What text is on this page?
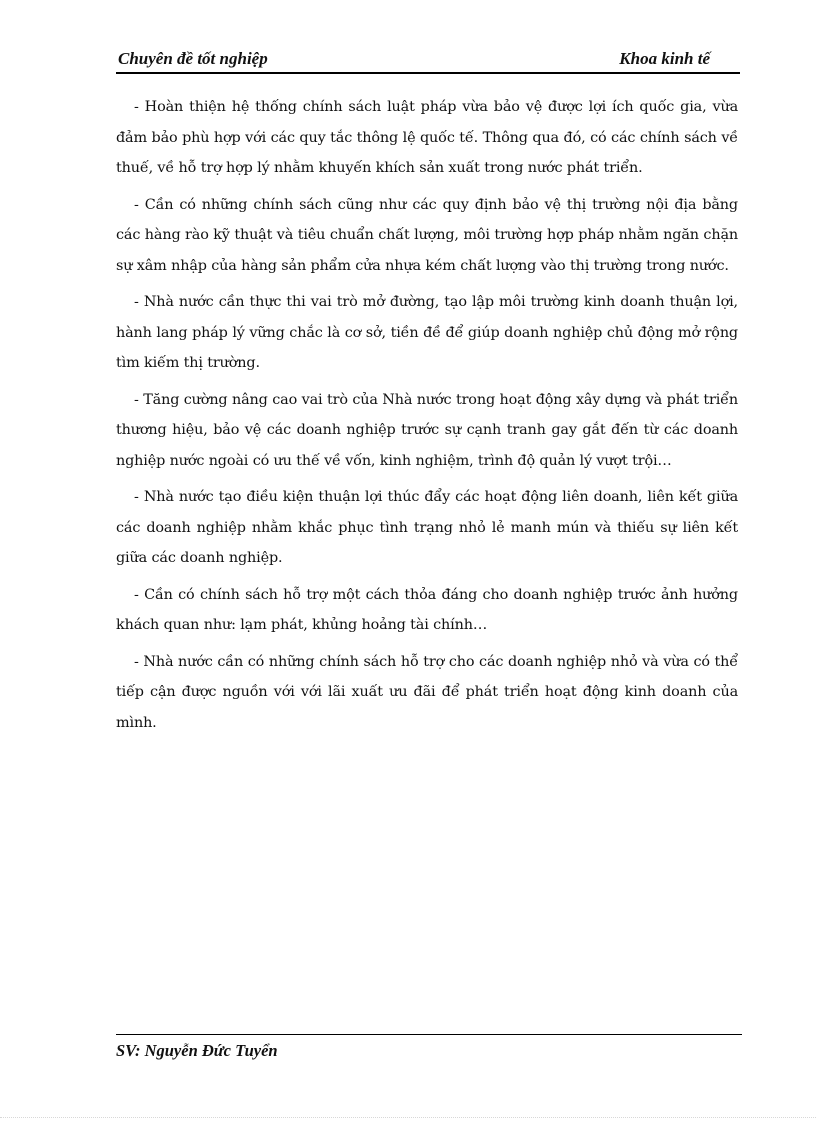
Chuyên đề tốt nghiệp	Khoa kinh tế

- Hoàn thiện hệ thống chính sách luật pháp vừa bảo vệ được lợi ích quốc gia, vừa đảm bảo phù hợp với các quy tắc thông lệ quốc tế. Thông qua đó, có các chính sách về thuế, về hỗ trợ hợp lý nhằm khuyến khích sản xuất trong nước phát triển.

- Cần có những chính sách cũng như các quy định bảo vệ thị trường nội địa bằng các hàng rào kỹ thuật và tiêu chuẩn chất lượng, môi trường hợp pháp nhằm ngăn chặn sự xâm nhập của hàng sản phẩm cửa nhựa kém chất lượng vào thị trường trong nước.

- Nhà nước cần thực thi vai trò mở đường, tạo lập môi trường kinh doanh thuận lợi, hành lang pháp lý vững chắc là cơ sở, tiền đề để giúp doanh nghiệp chủ động mở rộng tìm kiếm thị trường.

- Tăng cường nâng cao vai trò của Nhà nước trong hoạt động xây dựng và phát triển thương hiệu, bảo vệ các doanh nghiệp trước sự cạnh tranh gay gắt đến từ các doanh nghiệp nước ngoài có ưu thế về vốn, kinh nghiệm, trình độ quản lý vượt trội…

- Nhà nước tạo điều kiện thuận lợi thúc đẩy các hoạt động liên doanh, liên kết giữa các doanh nghiệp nhằm khắc phục tình trạng nhỏ lẻ manh mún và thiếu sự liên kết giữa các doanh nghiệp.

- Cần có chính sách hỗ trợ một cách thỏa đáng cho doanh nghiệp trước ảnh hưởng khách quan như: lạm phát, khủng hoảng tài chính…

- Nhà nước cần có những chính sách hỗ trợ cho các doanh nghiệp nhỏ và vừa có thể tiếp cận được nguồn với với lãi xuất ưu đãi để phát triển hoạt động kinh doanh của mình.

SV: Nguyễn Đức Tuyển
